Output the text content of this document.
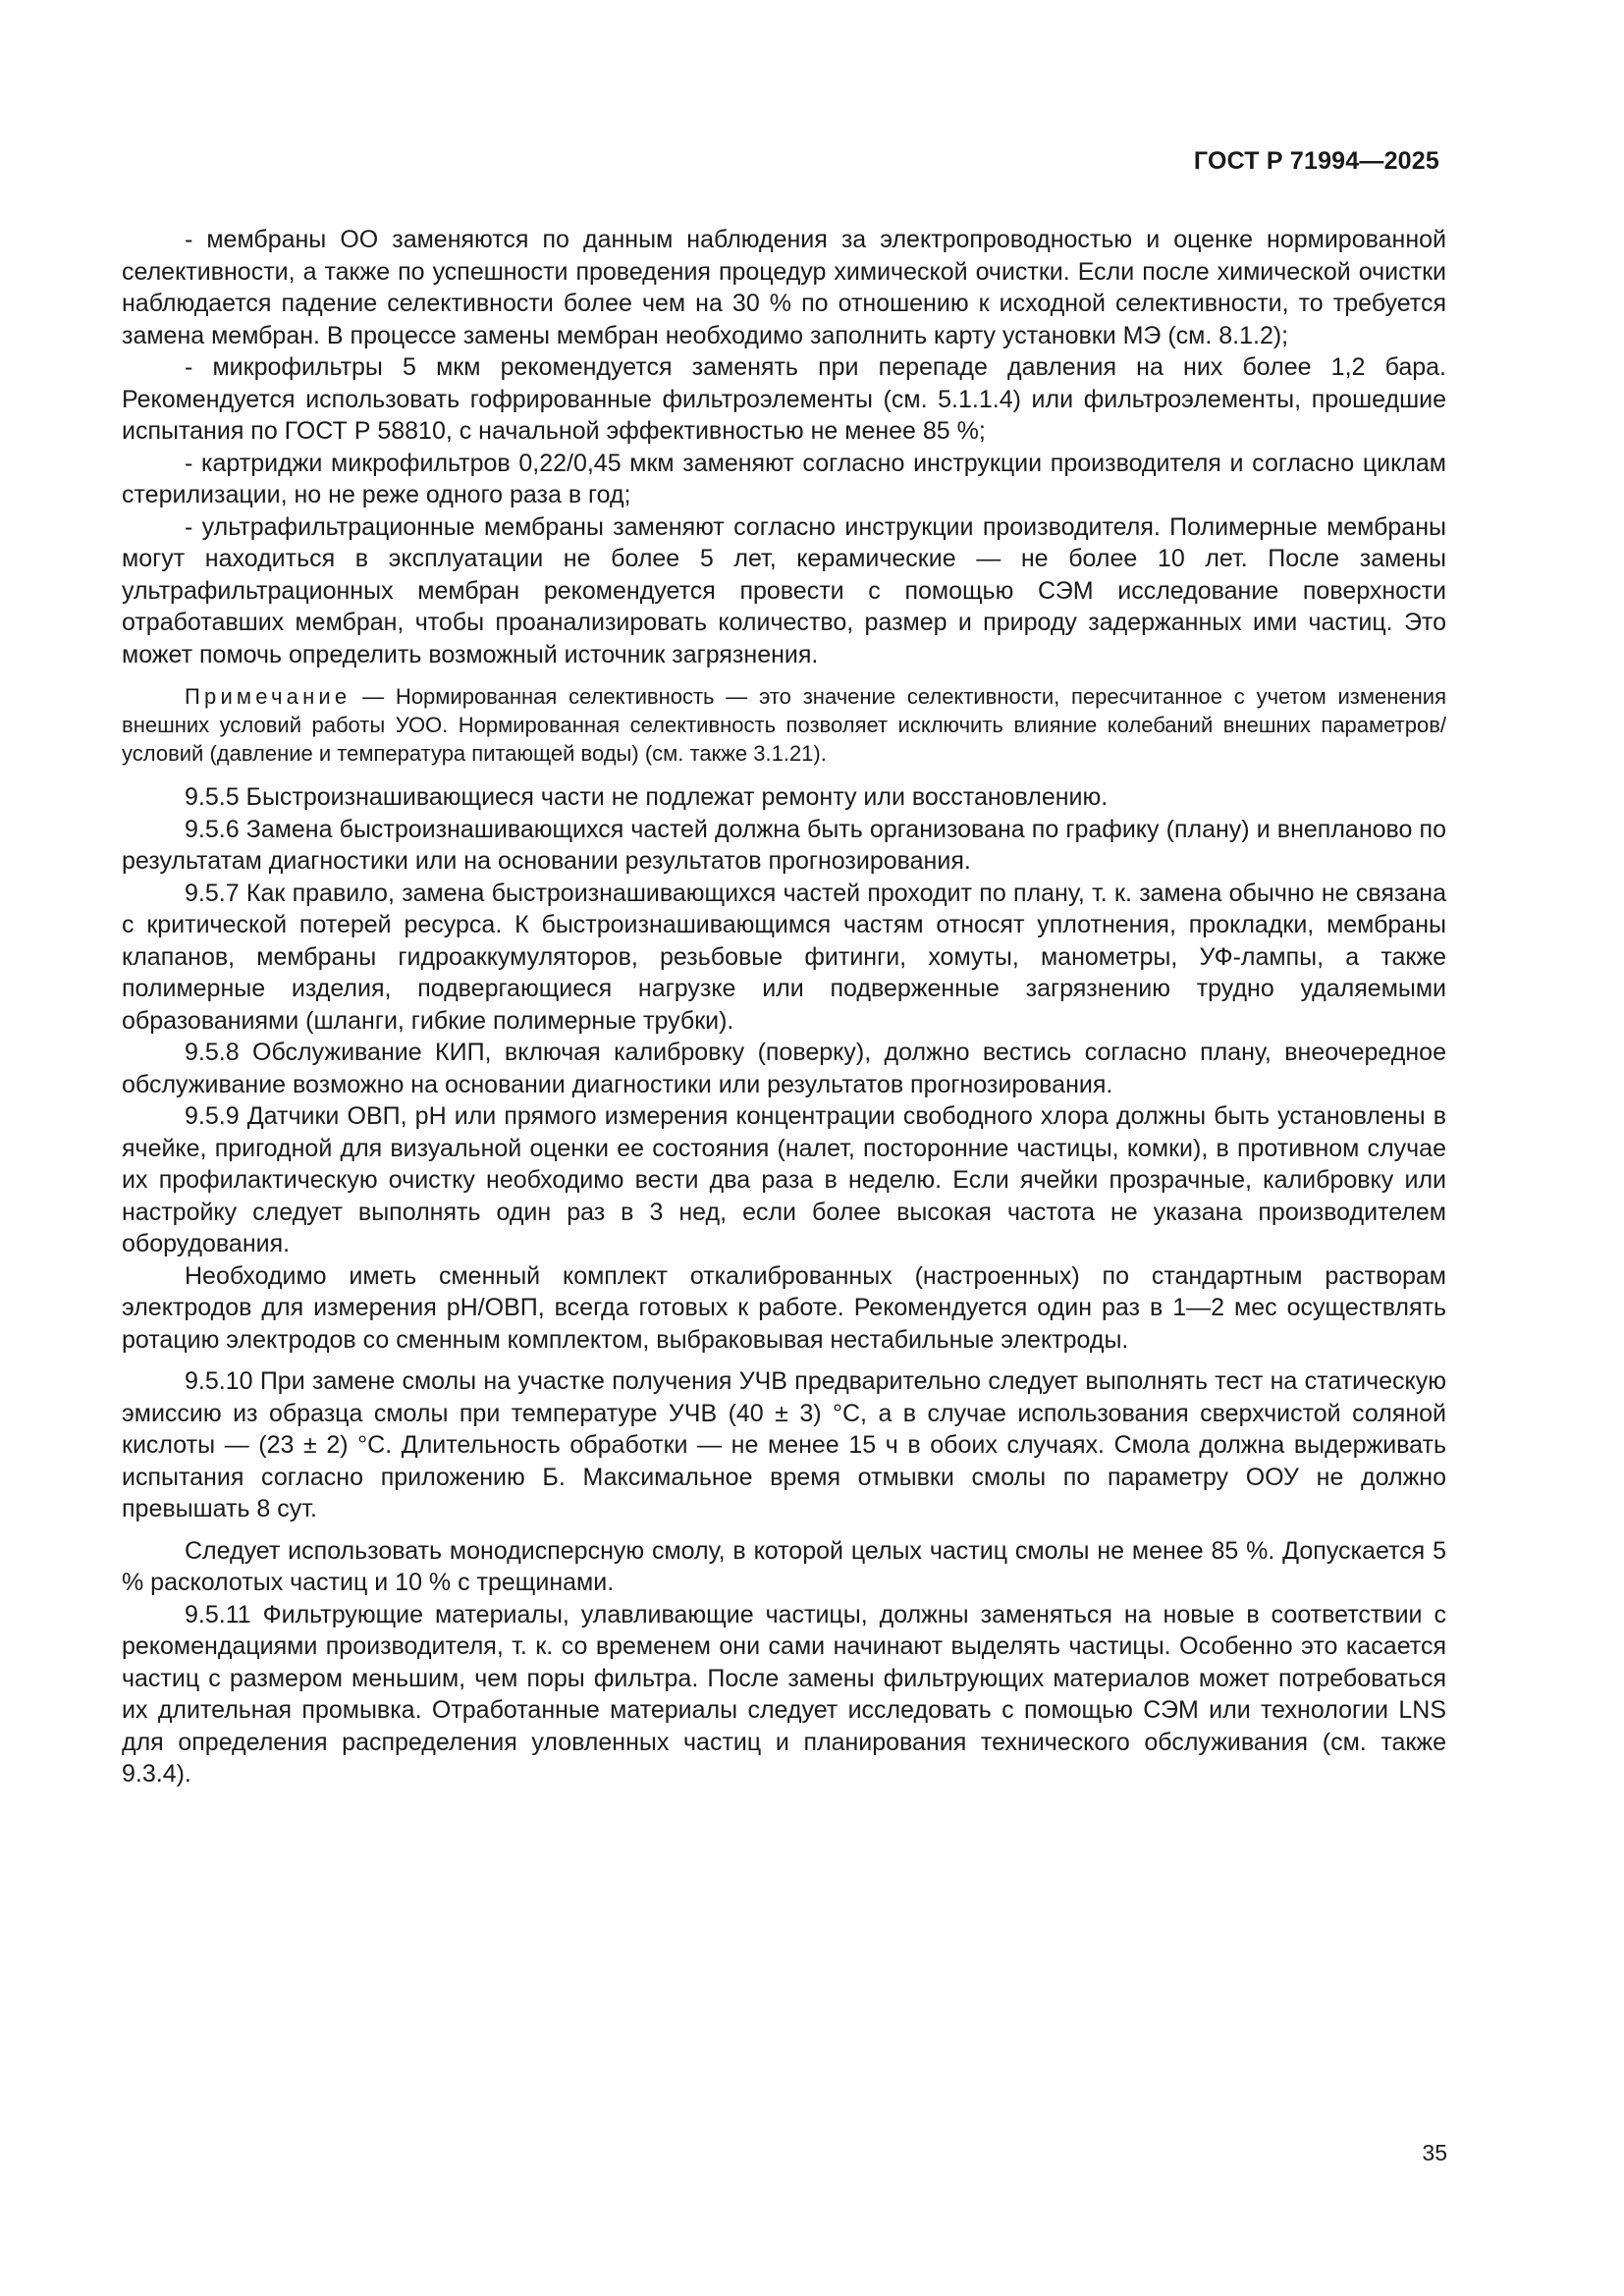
ГОСТ Р 71994—2025

- мембраны ОО заменяются по данным наблюдения за электропроводностью и оценке нормированной селективности, а также по успешности проведения процедур химической очистки. Если после химической очистки наблюдается падение селективности более чем на 30 % по отношению к исходной селективности, то требуется замена мембран. В процессе замены мембран необходимо заполнить карту установки МЭ (см. 8.1.2);

- микрофильтры 5 мкм рекомендуется заменять при перепаде давления на них более 1,2 бара. Рекомендуется использовать гофрированные фильтроэлементы (см. 5.1.1.4) или фильтроэлементы, прошедшие испытания по ГОСТ Р 58810, с начальной эффективностью не менее 85 %;

- картриджи микрофильтров 0,22/0,45 мкм заменяют согласно инструкции производителя и согласно циклам стерилизации, но не реже одного раза в год;

- ультрафильтрационные мембраны заменяют согласно инструкции производителя. Полимерные мембраны могут находиться в эксплуатации не более 5 лет, керамические — не более 10 лет. После замены ультрафильтрационных мембран рекомендуется провести с помощью СЭМ исследование поверхности отработавших мембран, чтобы проанализировать количество, размер и природу задержанных ими частиц. Это может помочь определить возможный источник загрязнения.

Примечание — Нормированная селективность — это значение селективности, пересчитанное с учетом изменения внешних условий работы УОО. Нормированная селективность позволяет исключить влияние колебаний внешних параметров/условий (давление и температура питающей воды) (см. также 3.1.21).

9.5.5 Быстроизнашивающиеся части не подлежат ремонту или восстановлению.

9.5.6 Замена быстроизнашивающихся частей должна быть организована по графику (плану) и внепланово по результатам диагностики или на основании результатов прогнозирования.

9.5.7 Как правило, замена быстроизнашивающихся частей проходит по плану, т. к. замена обычно не связана с критической потерей ресурса. К быстроизнашивающимся частям относят уплотнения, прокладки, мембраны клапанов, мембраны гидроаккумуляторов, резьбовые фитинги, хомуты, манометры, УФ-лампы, а также полимерные изделия, подвергающиеся нагрузке или подверженные загрязнению трудно удаляемыми образованиями (шланги, гибкие полимерные трубки).

9.5.8 Обслуживание КИП, включая калибровку (поверку), должно вестись согласно плану, внеочередное обслуживание возможно на основании диагностики или результатов прогнозирования.

9.5.9 Датчики ОВП, pH или прямого измерения концентрации свободного хлора должны быть установлены в ячейке, пригодной для визуальной оценки ее состояния (налет, посторонние частицы, комки), в противном случае их профилактическую очистку необходимо вести два раза в неделю. Если ячейки прозрачные, калибровку или настройку следует выполнять один раз в 3 нед, если более высокая частота не указана производителем оборудования.

Необходимо иметь сменный комплект откалиброванных (настроенных) по стандартным растворам электродов для измерения pH/ОВП, всегда готовых к работе. Рекомендуется один раз в 1—2 мес осуществлять ротацию электродов со сменным комплектом, выбраковывая нестабильные электроды.

9.5.10 При замене смолы на участке получения УЧВ предварительно следует выполнять тест на статическую эмиссию из образца смолы при температуре УЧВ (40 ± 3) °С, а в случае использования сверхчистой соляной кислоты — (23 ± 2) °С. Длительность обработки — не менее 15 ч в обоих случаях. Смола должна выдерживать испытания согласно приложению Б. Максимальное время отмывки смолы по параметру ООУ не должно превышать 8 сут.

Следует использовать монодисперсную смолу, в которой целых частиц смолы не менее 85 %. Допускается 5 % расколотых частиц и 10 % с трещинами.

9.5.11 Фильтрующие материалы, улавливающие частицы, должны заменяться на новые в соответствии с рекомендациями производителя, т. к. со временем они сами начинают выделять частицы. Особенно это касается частиц с размером меньшим, чем поры фильтра. После замены фильтрующих материалов может потребоваться их длительная промывка. Отработанные материалы следует исследовать с помощью СЭМ или технологии LNS для определения распределения уловленных частиц и планирования технического обслуживания (см. также 9.3.4).

35
